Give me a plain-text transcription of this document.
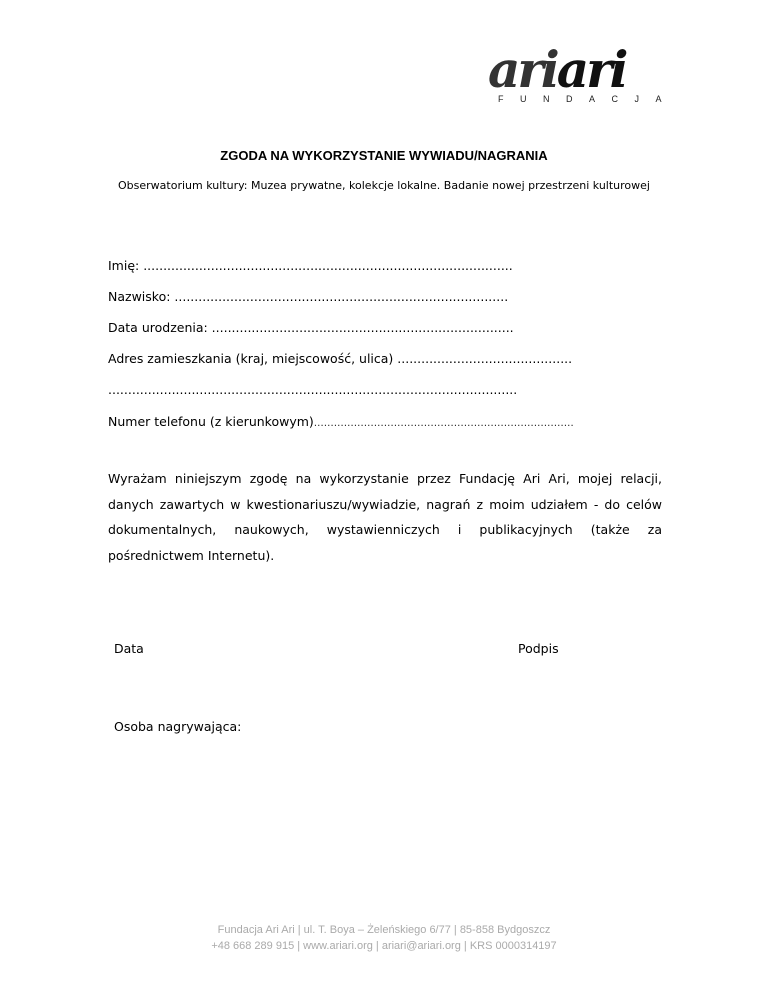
ariari
FUNDACJA
ZGODA NA WYKORZYSTANIE WYWIADU/NAGRANIA
Obserwatorium kultury: Muzea prywatne, kolekcje lokalne. Badanie nowej przestrzeni kulturowej
Imię: .............................................................................................
Nazwisko: ....................................................................................
Data urodzenia: ............................................................................
Adres zamieszkania (kraj, miejscowość, ulica) ............................................
.......................................................................................................
Numer telefonu (z kierunkowym)……………………………………………………………………
Wyrażam niniejszym zgodę na wykorzystanie przez Fundację Ari Ari, mojej relacji, danych zawartych w kwestionariuszu/wywiadzie, nagrań z moim udziałem - do celów dokumentalnych, naukowych, wystawienniczych i publikacyjnych (także za pośrednictwem Internetu).
Data	Podpis
Osoba nagrywająca:
Fundacja Ari Ari | ul. T. Boya – Żeleńskiego 6/77 | 85-858 Bydgoszcz
+48 668 289 915 | www.ariari.org | ariari@ariari.org | KRS 0000314197
